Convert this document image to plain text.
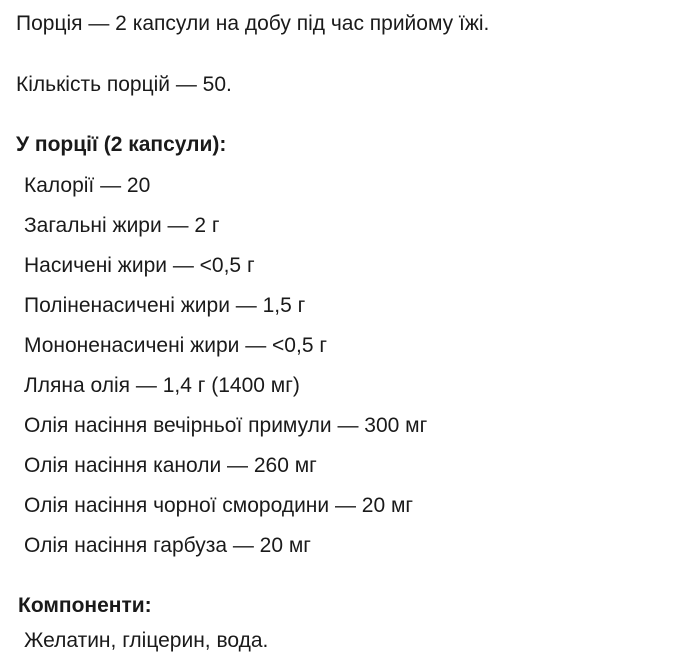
Порція — 2 капсули на добу під час прийому їжі.
Кількість порцій — 50.
У порції (2 капсули):
Калорії — 20
Загальні жири — 2 г
Насичені жири — <0,5 г
Поліненасичені жири — 1,5 г
Мононенасичені жири — <0,5 г
Лляна олія — 1,4 г (1400 мг)
Олія насіння вечірньої примули — 300 мг
Олія насіння каноли — 260 мг
Олія насіння чорної смородини — 20 мг
Олія насіння гарбуза — 20 мг
Компоненти:
Желатин, гліцерин, вода.
